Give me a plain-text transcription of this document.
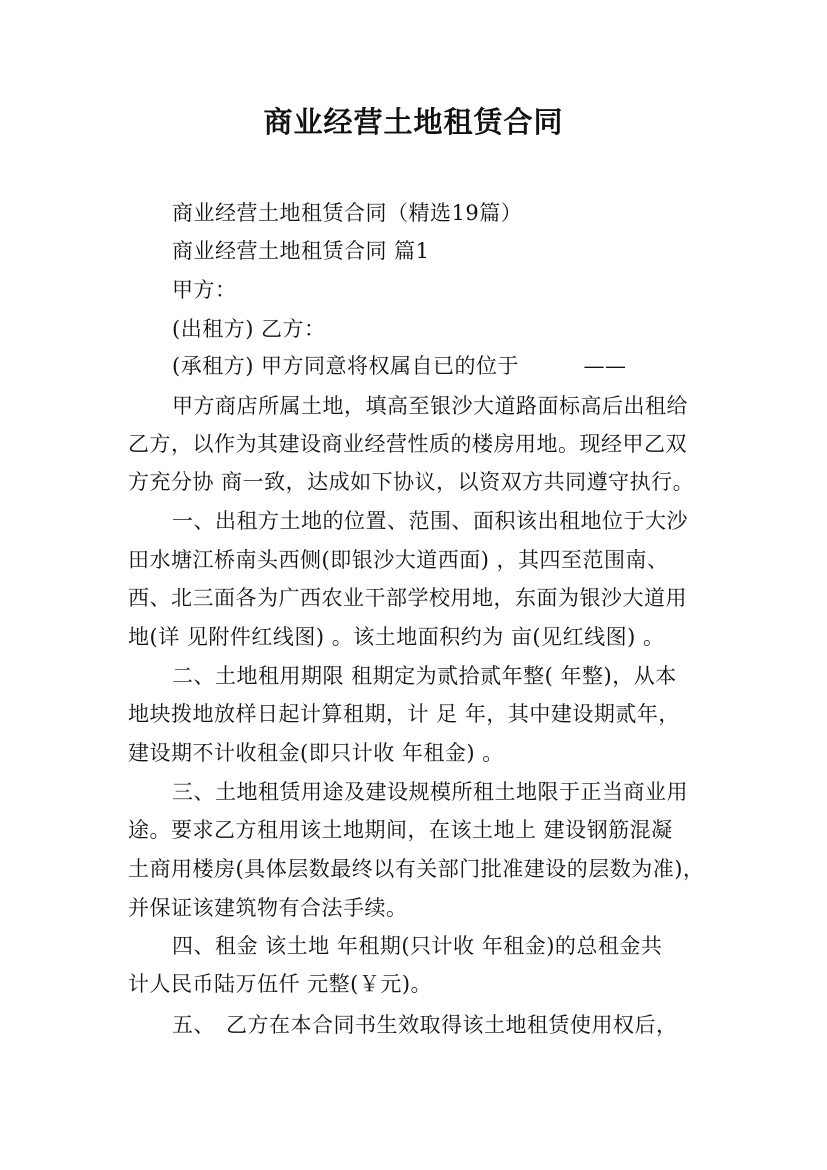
商业经营土地租赁合同
商业经营土地租赁合同（精选19篇）
商业经营土地租赁合同 篇1
甲方：
(出租方) 乙方：
(承租方) 甲方同意将权属自已的位于　　　——
甲方商店所属土地，填高至银沙大道路面标高后出租给
乙方，以作为其建设商业经营性质的楼房用地。现经甲乙双
方充分协 商一致，达成如下协议，以资双方共同遵守执行。
一、出租方土地的位置、范围、面积该出租地位于大沙
田水塘江桥南头西侧(即银沙大道西面) ，其四至范围南、
西、北三面各为广西农业干部学校用地，东面为银沙大道用
地(详 见附件红线图) 。该土地面积约为 亩(见红线图) 。
二、土地租用期限 租期定为贰拾贰年整( 年整)，从本
地块拨地放样日起计算租期，计 足 年，其中建设期贰年，
建设期不计收租金(即只计收 年租金) 。
三、土地租赁用途及建设规模所租土地限于正当商业用
途。要求乙方租用该土地期间，在该土地上 建设钢筋混凝
土商用楼房(具体层数最终以有关部门批准建设的层数为准)，
并保证该建筑物有合法手续。
四、租金 该土地 年租期(只计收 年租金)的总租金共
计人民币陆万伍仟 元整(￥元)。
五、　乙方在本合同书生效取得该土地租赁使用权后，
